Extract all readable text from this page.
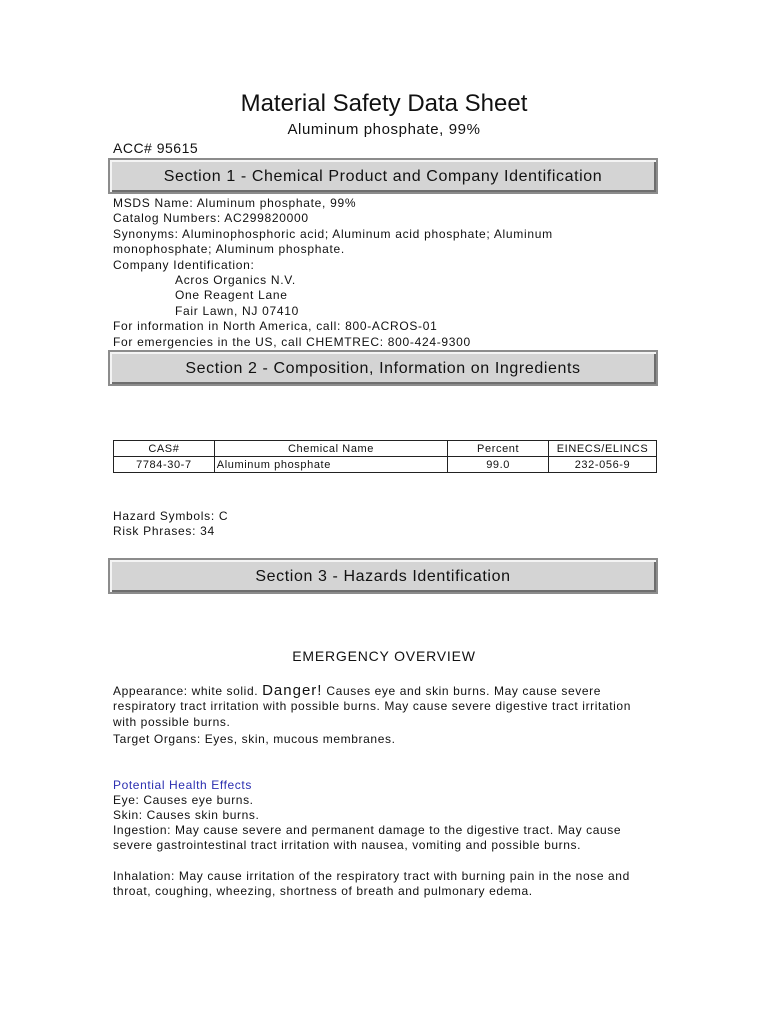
Material Safety Data Sheet
Aluminum phosphate, 99%
ACC# 95615
Section 1 - Chemical Product and Company Identification
MSDS Name: Aluminum phosphate, 99%
Catalog Numbers: AC299820000
Synonyms: Aluminophosphoric acid; Aluminum acid phosphate; Aluminum
monophosphate; Aluminum phosphate.
Company Identification:
Acros Organics N.V.
One Reagent Lane
Fair Lawn, NJ 07410
For information in North America, call: 800-ACROS-01
For emergencies in the US, call CHEMTREC: 800-424-9300
Section 2 - Composition, Information on Ingredients
CAS#	Chemical Name	Percent	EINECS/ELINCS
7784-30-7	Aluminum phosphate	99.0	232-056-9
Hazard Symbols: C
Risk Phrases: 34
Section 3 - Hazards Identification
EMERGENCY OVERVIEW
Appearance: white solid. Danger! Causes eye and skin burns. May cause severe respiratory tract irritation with possible burns. May cause severe digestive tract irritation with possible burns.
Target Organs: Eyes, skin, mucous membranes.
Potential Health Effects
Eye: Causes eye burns.
Skin: Causes skin burns.
Ingestion: May cause severe and permanent damage to the digestive tract. May cause severe gastrointestinal tract irritation with nausea, vomiting and possible burns.
Inhalation: May cause irritation of the respiratory tract with burning pain in the nose and throat, coughing, wheezing, shortness of breath and pulmonary edema.
